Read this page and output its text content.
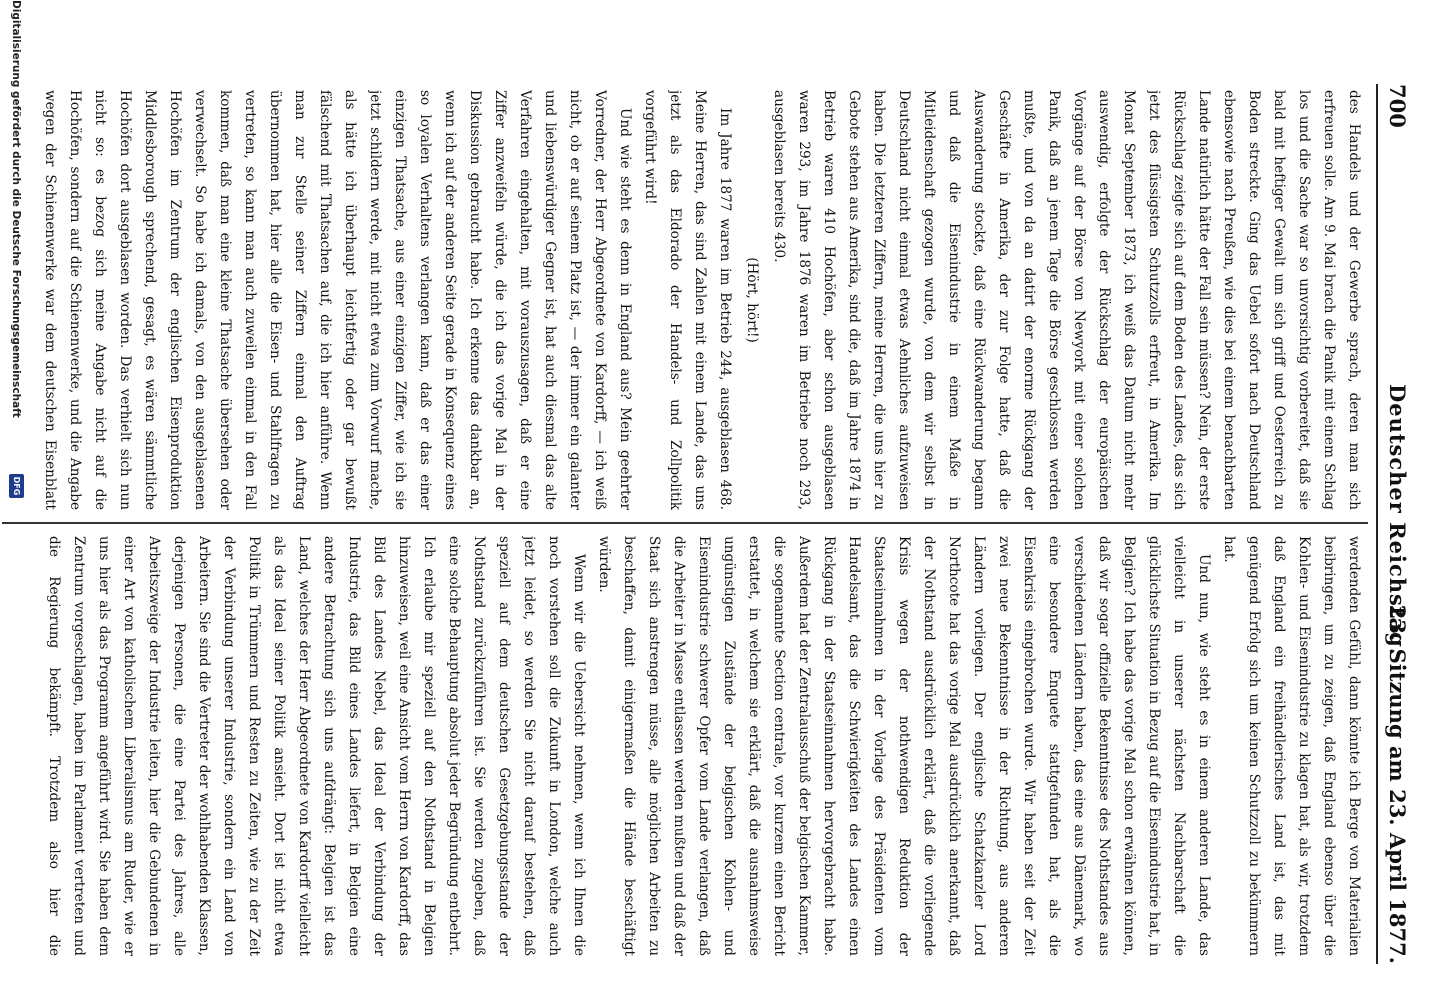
700
Deutscher Reichstag.
23. Sitzung am 23. April 1877.

des Handels und der Gewerbe sprach, deren man sich erfreuen solle. Am 9. Mai brach die Panik mit einem Schlag los und die Sache war so unvorsichtig vorbereitet, daß sie bald mit heftiger Gewalt um sich griff und Oesterreich zu Boden streckte. Ging das Uebel sofort nach Deutschland ebensowie nach Preußen, wie dies bei einem benachbarten Lande natürlich hätte der Fall sein müssen? Nein, der erste Rückschlag zeigte sich auf dem Boden des Landes, das sich jetzt des flüssigsten Schutzzolls erfreut, in Amerika. Im Monat September 1873, ich weiß das Datum nicht mehr auswendig, erfolgte der Rückschlag der europäischen Vorgänge auf der Börse von Newyork mit einer solchen Panik, daß an jenem Tage die Börse geschlossen werden mußte, und von da an datirt der enorme Rückgang der Geschäfte in Amerika, der zur Folge hatte, daß die Auswanderung stockte, daß eine Rückwanderung begann und daß die Eisenindustrie in einem Maße in Mitleidenschaft gezogen wurde, von dem wir selbst in Deutschland nicht einmal etwas Aehnliches aufzuweisen haben. Die letzteren Ziffern, meine Herren, die uns hier zu Gebote stehen aus Amerika, sind die, daß im Jahre 1874 in Betrieb waren 410 Hochöfen, aber schon ausgeblasen waren 293, im Jahre 1876 waren im Betriebe noch 293, ausgeblasen bereits 430.

(Hört, hört!)

Im Jahre 1877 waren im Betrieb 244, ausgeblasen 468. Meine Herren, das sind Zahlen mit einem Lande, das uns jetzt als das Eldorado der Handels- und Zollpolitik vorgeführt wird!

Und wie steht es denn in England aus? Mein geehrter Vorredner, der Herr Abgeordnete von Kardorff, — ich weiß nicht, ob er auf seinem Platz ist, — der immer ein galanter und liebenswürdiger Gegner ist, hat auch diesmal das alte Verfahren eingehalten, mit vorauszusagen, daß er eine Ziffer anzweifeln würde, die ich das vorige Mal in der Diskussion gebraucht habe. Ich erkenne das dankbar an, wenn ich auf der anderen Seite gerade in Konsequenz eines so loyalen Verhaltens verlangen kann, daß er das einer einzigen Thatsache, aus einer einzigen Ziffer, wie ich sie jetzt schildern werde, mit nicht etwa zum Vorwurf mache, als hätte ich überhaupt leichtfertig oder gar bewußt fälschend mit Thatsachen auf, die ich hier anführe. Wenn man zur Stelle seiner Ziffern einmal den Auftrag übernommen hat, hier alle die Eisen- und Stahlfragen zu vertreten, so kann man auch zuweilen einmal in den Fall kommen, daß man eine kleine Thatsache übersehen oder verwechselt. So habe ich damals, von den ausgeblasenen Hochöfen im Zentrum der englischen Eisenproduktion Middlesborough sprechend, gesagt, es wären sämmtliche Hochöfen dort ausgeblasen worden. Das verhielt sich nun nicht so: es bezog sich meine Angabe nicht auf die Hochöfen, sondern auf die Schienenwerke, und die Angabe wegen der Schienenwerke war dem deutschen Eisenblatt

werdenden Gefühl, dann könnte ich Berge von Materialien beibringen, um zu zeigen, daß England ebenso über die Kohlen- und Eisenindustrie zu klagen hat, als wir, trotzdem daß England ein freihändlerisches Land ist, das mit genügend Erfolg sich um keinen Schutzzoll zu bekümmern hat.

Und nun, wie steht es in einem anderen Lande, das vielleicht in unserer nächsten Nachbarschaft die glücklichste Situation in Bezug auf die Eisenindustrie hat, in Belgien? Ich habe das vorige Mal schon erwähnen können, daß wir sogar offizielle Bekenntnisse des Nothstandes aus verschiedenen Ländern haben, das eine aus Dänemark, wo eine besondere Enquete stattgefunden hat, als die Eisenkrisis eingebrochen wurde. Wir haben seit der Zeit zwei neue Bekenntnisse in der Richtung, aus anderen Ländern vorliegen. Der englische Schatzkanzler Lord Northcote hat das vorige Mal ausdrücklich anerkannt, daß der Nothstand ausdrücklich erklärt, daß die vorliegende Krisis wegen der nothwendigen Reduktion der Staatseinnahmen in der Vorlage des Präsidenten vom Handelsamt, das die Schwierigkeiten des Landes einen Rückgang in der Staatseinnahmen hervorgebracht habe. Außerdem hat der Zentralausschuß der belgischen Kammer, die sogenannte Section centrale, vor kurzem einen Bericht erstattet, in welchem sie erklärt, daß die ausnahmsweise ungünstigen Zustände der belgischen Kohlen- und Eisenindustrie schwerer Opfer vom Lande verlangen, daß die Arbeiter in Masse entlassen werden mußten und daß der Staat sich anstrengen müsse, alle möglichen Arbeiten zu beschaffen, damit einigermaßen die Hände beschäftigt würden.

Wenn wir die Uebersicht nehmen, wenn ich Ihnen die noch vorstehen soll die Zukunft in London, welche auch jetzt leidet, so werden Sie nicht darauf bestehen, daß speziell auf dem deutschen Gesetzgebungsstande der Nothstand zurückzuführen ist. Sie werden zugeben, daß eine solche Behauptung absolut jeder Begründung entbehrt. Ich erlaube mir speziell auf den Nothstand in Belgien hinzuweisen, weil eine Ansicht vom Herrn von Kardorff, das Bild des Landes Nebel, das Ideal der Verbindung der Industrie, das Bild eines Landes liefert, in Belgien eine andere Betrachtung sich uns aufdrängt: Belgien ist das Land, welches der Herr Abgeordnete von Kardorff vielleicht als das Ideal seiner Politik ansieht. Dort ist nicht etwa Politik in Trümmern und Resten zu Zeiten, wie zu der Zeit der Verbindung unserer Industrie, sondern ein Land von Arbeitern. Sie sind die Vertreter der wohlhabenden Klassen, derjenigen Personen, die eine Partei des Jahres, alle Arbeitszweige der Industrie leiten, hier die Gebundenen in einer Art von katholischem Liberalismus am Ruder, wie er uns hier als das Programm angeführt wird. Sie haben dem Zentrum vorgeschlagen, haben im Parlament vertreten und die Regierung bekämpft. Trotzdem also hier die

Digitalisierung gefördert durch die Deutsche Forschungsgemeinschaft
DFG
